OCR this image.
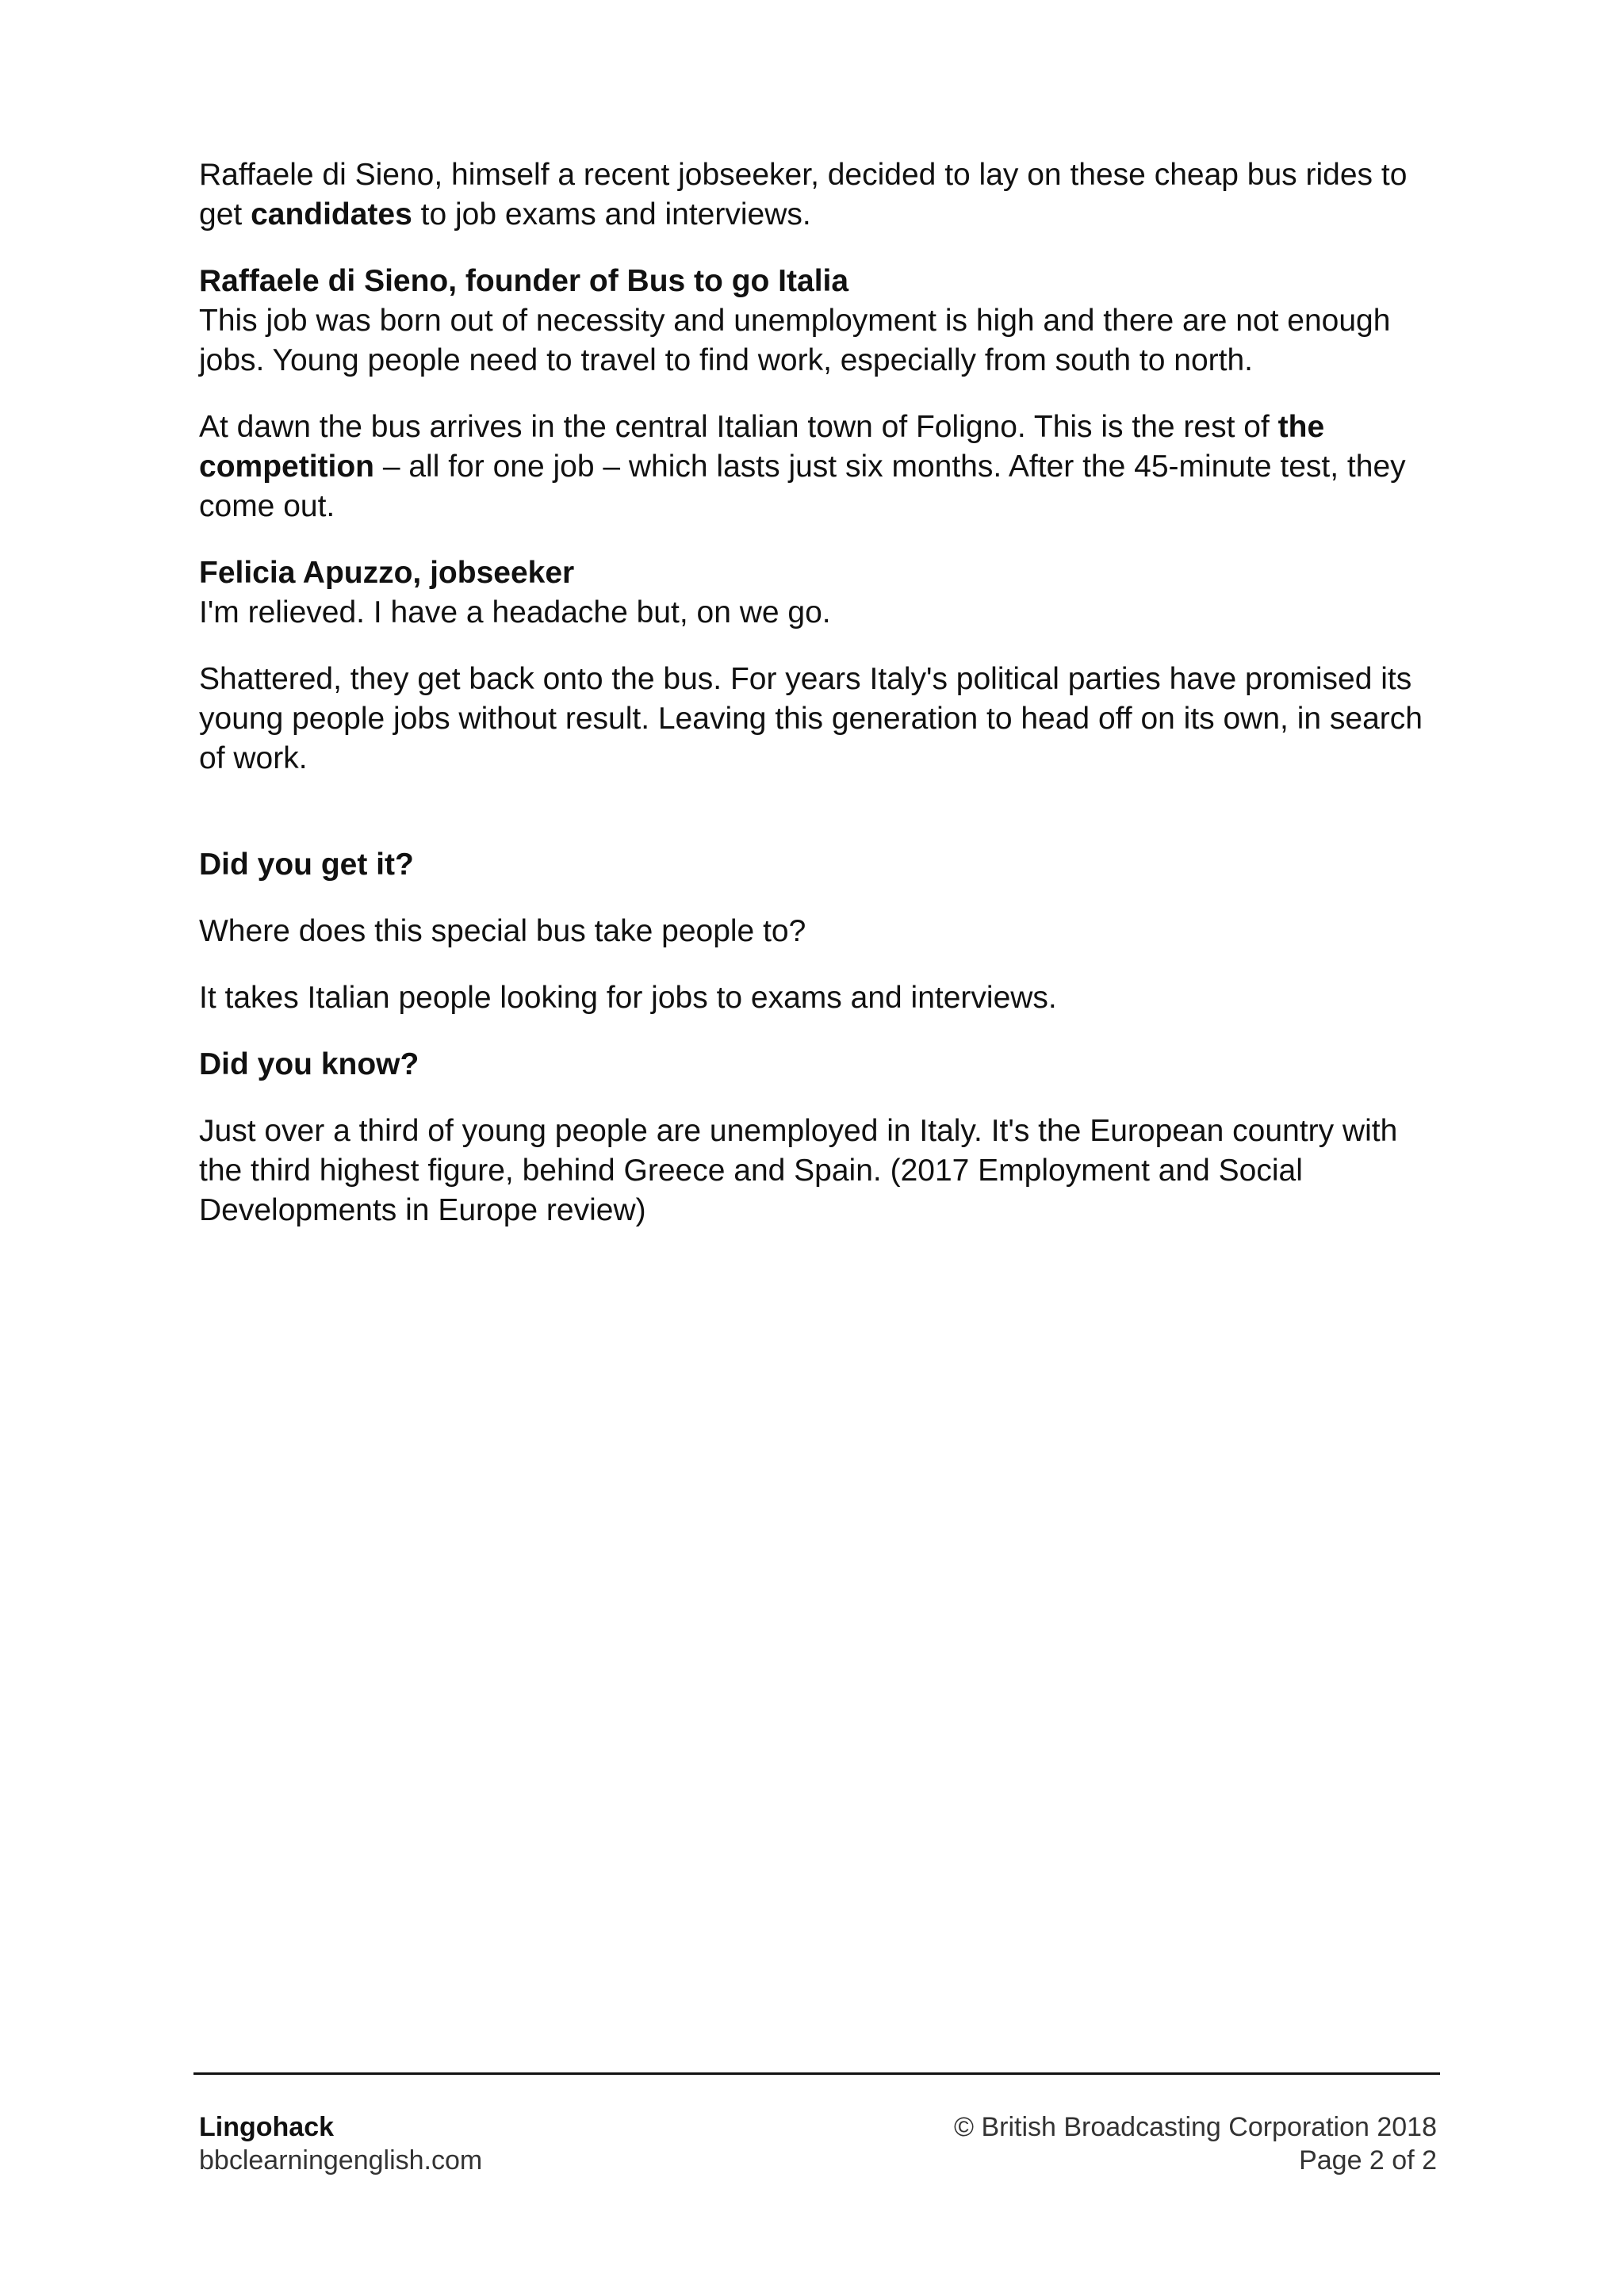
Raffaele di Sieno, himself a recent jobseeker, decided to lay on these cheap bus rides to get candidates to job exams and interviews.

Raffaele di Sieno, founder of Bus to go Italia

This job was born out of necessity and unemployment is high and there are not enough jobs. Young people need to travel to find work, especially from south to north.

At dawn the bus arrives in the central Italian town of Foligno. This is the rest of the competition – all for one job – which lasts just six months. After the 45-minute test, they come out.

Felicia Apuzzo, jobseeker

I'm relieved. I have a headache but, on we go.

Shattered, they get back onto the bus. For years Italy's political parties have promised its young people jobs without result. Leaving this generation to head off on its own, in search of work.

Did you get it?

Where does this special bus take people to?

It takes Italian people looking for jobs to exams and interviews.

Did you know?

Just over a third of young people are unemployed in Italy. It's the European country with the third highest figure, behind Greece and Spain. (2017 Employment and Social Developments in Europe review)

Lingohack
bbclearningenglish.com
© British Broadcasting Corporation 2018
Page 2 of 2
